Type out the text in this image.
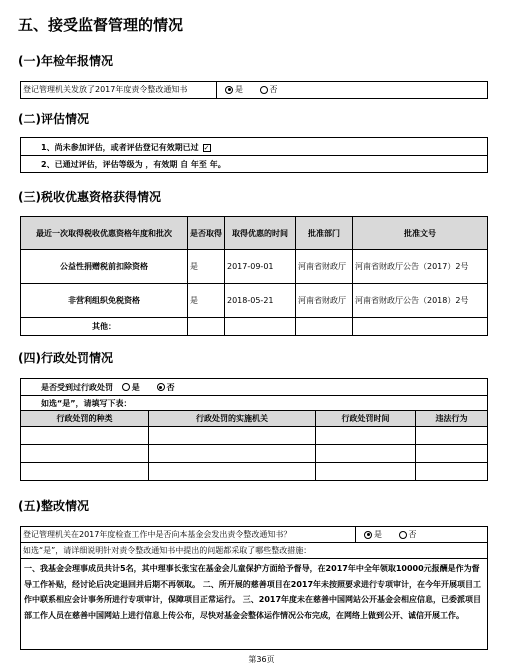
五、接受监督管理的情况
(一)年检年报情况
登记管理机关发放了2017年度责令整改通知书	是	否
(二)评估情况
1、尚未参加评估，或者评估登记有效期已过 ✓
2、已通过评估，评估等级为 ，有效期 自 年至 年。
(三)税收优惠资格获得情况
最近一次取得税收优惠资格年度和批次	是否取得	取得优惠的时间	批准部门	批准文号
公益性捐赠税前扣除资格	是	2017-09-01	河南省财政厅	河南省财政厅公告（2017）2号
非营利组织免税资格	是	2018-05-21	河南省财政厅	河南省财政厅公告（2018）2号
其他：				
(四)行政处罚情况
是否受到过行政处罚 是 否			
如选“是”，请填写下表：			
行政处罚的种类	行政处罚的实施机关	行政处罚时间	违法行为

(五)整改情况
登记管理机关在2017年度检查工作中是否向本基金会发出责令整改通知书？	是	否
如选“是”，请详细说明针对责令整改通知书中提出的问题都采取了哪些整改措施：
一、我基金会理事成员共计5名，其中理事长张宝在基金会儿童保护方面给予督导，在2017年中全年领取10000元报酬是作为督导工作补贴，经讨论后决定退回并后期不再领取。 二、所开展的慈善项目在2017年未按照要求进行专项审计，在今年开展项目工作中联系相应会计事务所进行专项审计，保障项目正常运行。 三、2017年度未在慈善中国网站公开基金会相应信息，已委派项目部工作人员在慈善中国网站上进行信息上传公布，尽快对基金会整体运作情况公布完成，在网络上做到公开、诚信开展工作。
第36页
